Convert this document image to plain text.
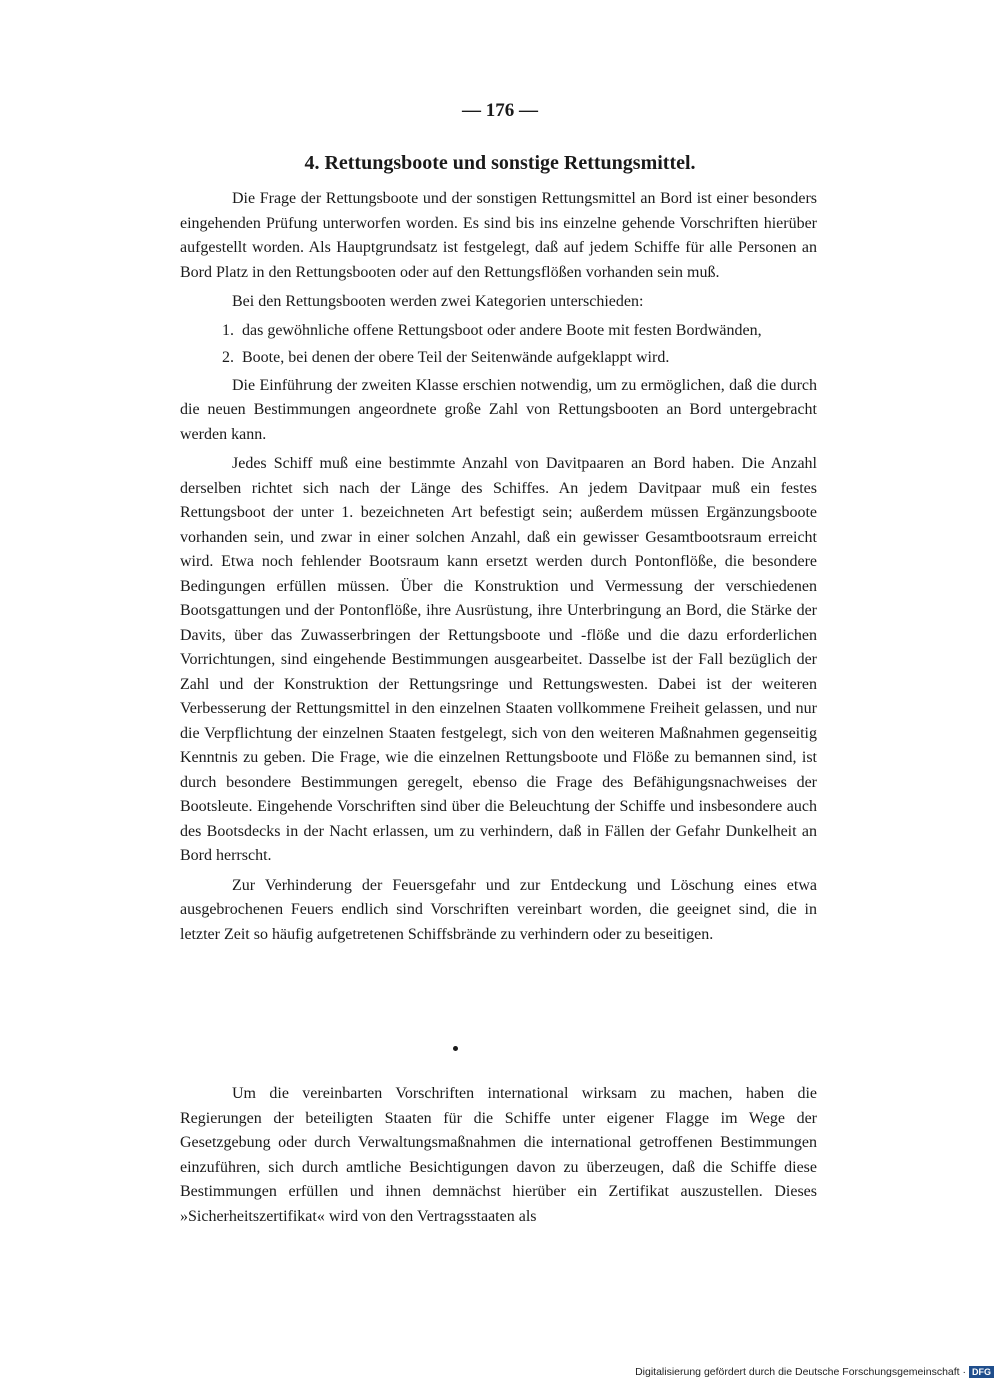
— 176 —
4. Rettungsboote und sonstige Rettungsmittel.

Die Frage der Rettungsboote und der sonstigen Rettungsmittel an Bord ist einer besonders eingehenden Prüfung unterworfen worden. Es sind bis ins einzelne gehende Vorschriften hierüber aufgestellt worden. Als Hauptgrundsatz ist festgelegt, daß auf jedem Schiffe für alle Personen an Bord Platz in den Rettungsbooten oder auf den Rettungsflößen vorhanden sein muß.

Bei den Rettungsbooten werden zwei Kategorien unterschieden:

1. das gewöhnliche offene Rettungsboot oder andere Boote mit festen Bordwänden,
2. Boote, bei denen der obere Teil der Seitenwände aufgeklappt wird.

Die Einführung der zweiten Klasse erschien notwendig, um zu ermöglichen, daß die durch die neuen Bestimmungen angeordnete große Zahl von Rettungsbooten an Bord untergebracht werden kann.

Jedes Schiff muß eine bestimmte Anzahl von Davitpaaren an Bord haben. Die Anzahl derselben richtet sich nach der Länge des Schiffes. An jedem Davitpaar muß ein festes Rettungsboot der unter 1. bezeichneten Art befestigt sein; außerdem müssen Ergänzungsboote vorhanden sein, und zwar in einer solchen Anzahl, daß ein gewisser Gesamtbootsraum erreicht wird. Etwa noch fehlender Bootsraum kann ersetzt werden durch Pontonflöße, die besondere Bedingungen erfüllen müssen. Über die Konstruktion und Vermessung der verschiedenen Bootsgattungen und der Pontonflöße, ihre Ausrüstung, ihre Unterbringung an Bord, die Stärke der Davits, über das Zuwasserbringen der Rettungsboote und -flöße und die dazu erforderlichen Vorrichtungen, sind eingehende Bestimmungen ausgearbeitet. Dasselbe ist der Fall bezüglich der Zahl und der Konstruktion der Rettungsringe und Rettungswesten. Dabei ist der weiteren Verbesserung der Rettungsmittel in den einzelnen Staaten vollkommene Freiheit gelassen, und nur die Verpflichtung der einzelnen Staaten festgelegt, sich von den weiteren Maßnahmen gegenseitig Kenntnis zu geben. Die Frage, wie die einzelnen Rettungsboote und Flöße zu bemannen sind, ist durch besondere Bestimmungen geregelt, ebenso die Frage des Befähigungsnachweises der Bootsleute. Eingehende Vorschriften sind über die Beleuchtung der Schiffe und insbesondere auch des Bootsdecks in der Nacht erlassen, um zu verhindern, daß in Fällen der Gefahr Dunkelheit an Bord herrscht.

Zur Verhinderung der Feuersgefahr und zur Entdeckung und Löschung eines etwa ausgebrochenen Feuers endlich sind Vorschriften vereinbart worden, die geeignet sind, die in letzter Zeit so häufig aufgetretenen Schiffsbrände zu verhindern oder zu beseitigen.

Um die vereinbarten Vorschriften international wirksam zu machen, haben die Regierungen der beteiligten Staaten für die Schiffe unter eigener Flagge im Wege der Gesetzgebung oder durch Verwaltungsmaßnahmen die international getroffenen Bestimmungen einzuführen, sich durch amtliche Besichtigungen davon zu überzeugen, daß die Schiffe diese Bestimmungen erfüllen und ihnen demnächst hierüber ein Zertifikat auszustellen. Dieses »Sicherheitszertifikat« wird von den Vertragsstaaten als

Digitalisierung gefördert durch die Deutsche Forschungsgemeinschaft · DFG
